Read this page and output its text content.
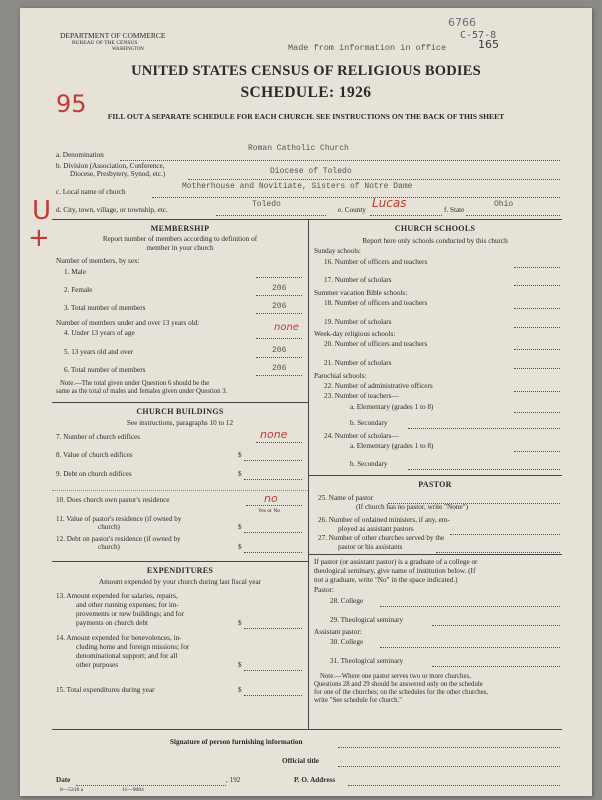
DEPARTMENT OF COMMERCE
BUREAU OF THE CENSUS
WASHINGTON	Made from information in office
6766
C-57-8
165
UNITED STATES CENSUS OF RELIGIOUS BODIES
SCHEDULE: 1926
FILL OUT A SEPARATE SCHEDULE FOR EACH CHURCH. SEE INSTRUCTIONS ON THE BACK OF THIS SHEET
95
U
+
a. Denomination
Roman Catholic Church
b. Division (Association, Conference,
Diocese, Presbytery, Synod, etc.)	Diocese of Toledo
c. Local name of church
Motherhouse and Novitiate, Sisters of Notre Dame
d. City, town, village, or township, etc.
Toledo
e. County Lucas	f. State
Ohio
MEMBERSHIP
Report number of members according to definition of
member in your church
Number of members, by sex:
1. Male
2. Female	206
3. Total number of members	206
Number of members under and over 13 years old:
4. Under 13 years of age	none
5. 13 years old and over	206
6. Total number of members	206
Note.—The total given under Question 6 should be the
same as the total of males and females given under Question 3.
CHURCH BUILDINGS
See instructions, paragraphs 10 to 12
7. Number of church edifices	none
8. Value of church edifices	$
9. Debt on church edifices	$
10. Does church own pastor's residence	no
Yes or No
11. Value of pastor's residence (if owned by
church)	$
12. Debt on pastor's residence (if owned by
church)	$
EXPENDITURES
Amount expended by your church during last fiscal year
13. Amount expended for salaries, repairs,
and other running expenses; for im-
provements or new buildings; and for
payments on church debt	$
14. Amount expended for benevolences, in-
cluding home and foreign missions; for
denominational support; and for all
other purposes	$
15. Total expenditures during year	$
CHURCH SCHOOLS
Report here only schools conducted by this church
Sunday schools:
16. Number of officers and teachers
17. Number of scholars
Summer vacation Bible schools:
18. Number of officers and teachers
19. Number of scholars
Week-day religious schools:
20. Number of officers and teachers
21. Number of scholars
Parochial schools:
22. Number of administrative officers
23. Number of teachers—
a. Elementary (grades 1 to 8)
b. Secondary
24. Number of scholars—
a. Elementary (grades 1 to 8)
b. Secondary
PASTOR
25. Name of pastor
(If church has no pastor, write "None")
26. Number of ordained ministers, if any, em-
ployed as assistant pastors
27. Number of other churches served by the
pastor or his assistants
If pastor (or assistant pastor) is a graduate of a college or
theological seminary, give name of institution below. (If
not a graduate, write "No" in the space indicated.)
Pastor:
28. College
29. Theological seminary
Assistant pastor:
30. College
31. Theological seminary
Note.—Where one pastor serves two or more churches,
Questions 28 and 29 should be answered only on the schedule
for one of the churches; on the schedules for the other churches,
write "See schedule for church."
Signature of person furnishing information
Official title
Date	, 192	P. O. Address
8—5318 a	11—9084
